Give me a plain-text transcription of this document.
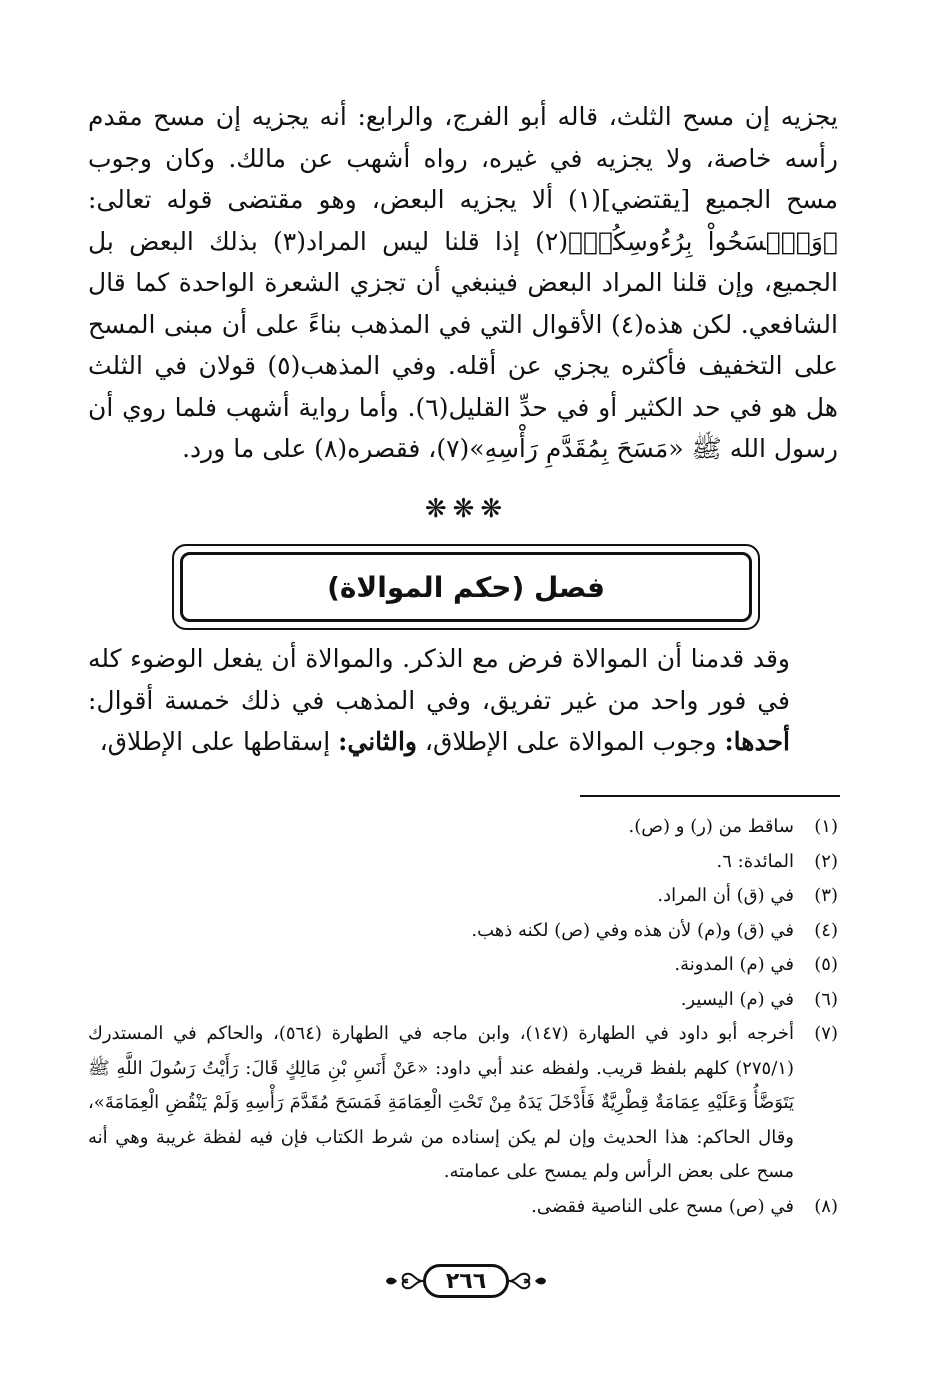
يجزيه إن مسح الثلث، قاله أبو الفرج، والرابع: أنه يجزيه إن مسح مقدم رأسه خاصة، ولا يجزيه في غيره، رواه أشهب عن مالك. وكان وجوب مسح الجميع [يقتضي](١) ألا يجزيه البعض، وهو مقتضى قوله تعالى: ﴿وَٱمۡسَحُواْ بِرُءُوسِكُمۡ﴾(٢) إذا قلنا ليس المراد(٣) بذلك البعض بل الجميع، وإن قلنا المراد البعض فينبغي أن تجزي الشعرة الواحدة كما قال الشافعي. لكن هذه(٤) الأقوال التي في المذهب بناءً على أن مبنى المسح على التخفيف فأكثره يجزي عن أقله. وفي المذهب(٥) قولان في الثلث هل هو في حد الكثير أو في حدِّ القليل(٦). وأما رواية أشهب فلما روي أن رسول الله ﷺ «مَسَحَ بِمُقَدَّمِ رَأْسِهِ»(٧)، فقصره(٨) على ما ورد.

❋❋❋
فصل (حكم الموالاة)

وقد قدمنا أن الموالاة فرض مع الذكر. والموالاة أن يفعل الوضوء كله في فور واحد من غير تفريق، وفي المذهب في ذلك خمسة أقوال: أحدها: وجوب الموالاة على الإطلاق، والثاني: إسقاطها على الإطلاق،

(١)
ساقط من (ر) و (ص).
(٢)
المائدة: ٦.
(٣)
في (ق) أن المراد.
(٤)
في (ق) و(م) لأن هذه وفي (ص) لكنه ذهب.
(٥)
في (م) المدونة.
(٦)
في (م) اليسير.
(٧)
أخرجه أبو داود في الطهارة (١٤٧)، وابن ماجه في الطهارة (٥٦٤)، والحاكم في المستدرك (٢٧٥/١) كلهم بلفظ قريب. ولفظه عند أبي داود: «عَنْ أَنَسِ بْنِ مَالِكٍ قَالَ: رَأَيْتُ رَسُولَ اللَّهِ ﷺ يَتَوَضَّأُ وَعَلَيْهِ عِمَامَةٌ قِطْرِيَّةٌ فَأَدْخَلَ يَدَهُ مِنْ تَحْتِ الْعِمَامَةِ فَمَسَحَ مُقَدَّمَ رَأْسِهِ وَلَمْ يَنْقُضِ الْعِمَامَةَ»، وقال الحاكم: هذا الحديث وإن لم يكن إسناده من شرط الكتاب فإن فيه لفظة غريبة وهي أنه مسح على بعض الرأس ولم يمسح على عمامته.
(٨)
في (ص) مسح على الناصية فقضى.
٢٦٦
